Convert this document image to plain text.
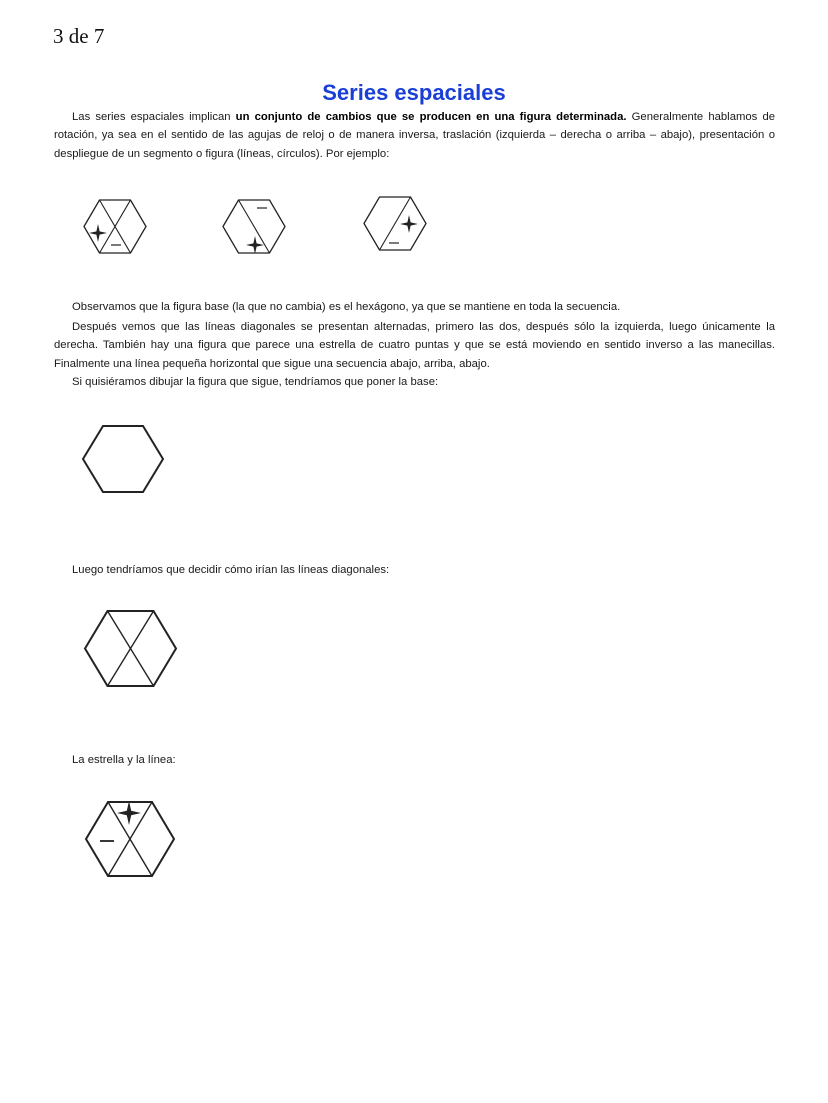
3 de 7
Series espaciales

Las series espaciales implican un conjunto de cambios que se producen en una figura determinada. Generalmente hablamos de rotación, ya sea en el sentido de las agujas de reloj o de manera inversa, traslación (izquierda – derecha o arriba – abajo), presentación o despliegue de un segmento o figura (líneas, círculos). Por ejemplo:

Observamos que la figura base (la que no cambia) es el hexágono, ya que se mantiene en toda la secuencia.

Después vemos que las líneas diagonales se presentan alternadas, primero las dos, después sólo la izquierda, luego únicamente la derecha. También hay una figura que parece una estrella de cuatro puntas y que se está moviendo en sentido inverso a las manecillas. Finalmente una línea pequeña horizontal que sigue una secuencia abajo, arriba, abajo.

Si quisiéramos dibujar la figura que sigue, tendríamos que poner la base:

Luego tendríamos que decidir cómo irían las líneas diagonales:

La estrella y la línea:
